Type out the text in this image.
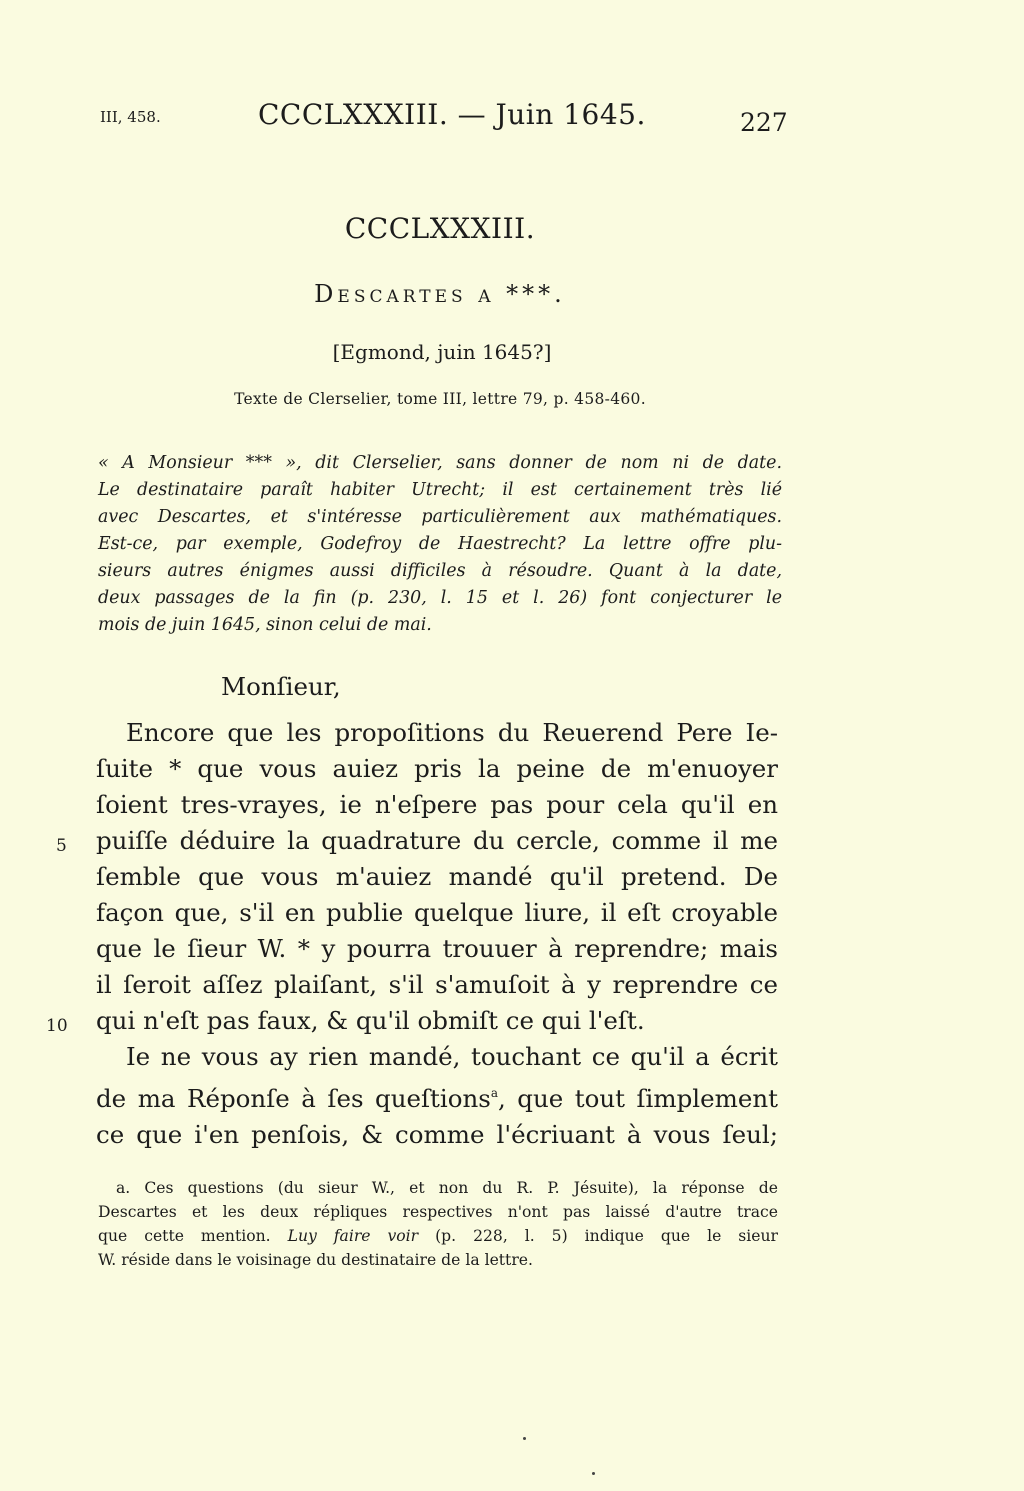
III, 458.	CCCLXXXIII. — Juin 1645.	227
CCCLXXXIII.
Descartes a ***.
[Egmond, juin 1645?]
Texte de Clerselier, tome III, lettre 79, p. 458-460.
« A Monsieur *** », dit Clerselier, sans donner de nom ni de date.
Le destinataire paraît habiter Utrecht; il est certainement très lié
avec Descartes, et s'intéresse particulièrement aux mathématiques.
Est-ce, par exemple, Godefroy de Haestrecht? La lettre offre plu-
sieurs autres énigmes aussi difficiles à résoudre. Quant à la date,
deux passages de la fin (p. 230, l. 15 et l. 26) font conjecturer le
mois de juin 1645, sinon celui de mai.
Monſieur,
5
10
Encore que les propoſitions du Reuerend Pere Ie-
ſuite * que vous auiez pris la peine de m'enuoyer
ſoient tres-vrayes, ie n'eſpere pas pour cela qu'il en
puiſſe déduire la quadrature du cercle, comme il me
ſemble que vous m'auiez mandé qu'il pretend. De
façon que, s'il en publie quelque liure, il eſt croyable
que le ſieur W. * y pourra trouuer à reprendre; mais
il ſeroit aſſez plaiſant, s'il s'amuſoit à y reprendre ce
qui n'eſt pas faux, & qu'il obmiſt ce qui l'eſt.
Ie ne vous ay rien mandé, touchant ce qu'il a écrit
de ma Réponſe à ſes queſtions$^a$, que tout ſimplement
ce que i'en penſois, & comme l'écriuant à vous ſeul;
a. Ces questions (du sieur W., et non du R. P. Jésuite), la réponse de
Descartes et les deux répliques respectives n'ont pas laissé d'autre trace
que cette mention. Luy faire voir (p. 228, l. 5) indique que le sieur
W. réside dans le voisinage du destinataire de la lettre.
